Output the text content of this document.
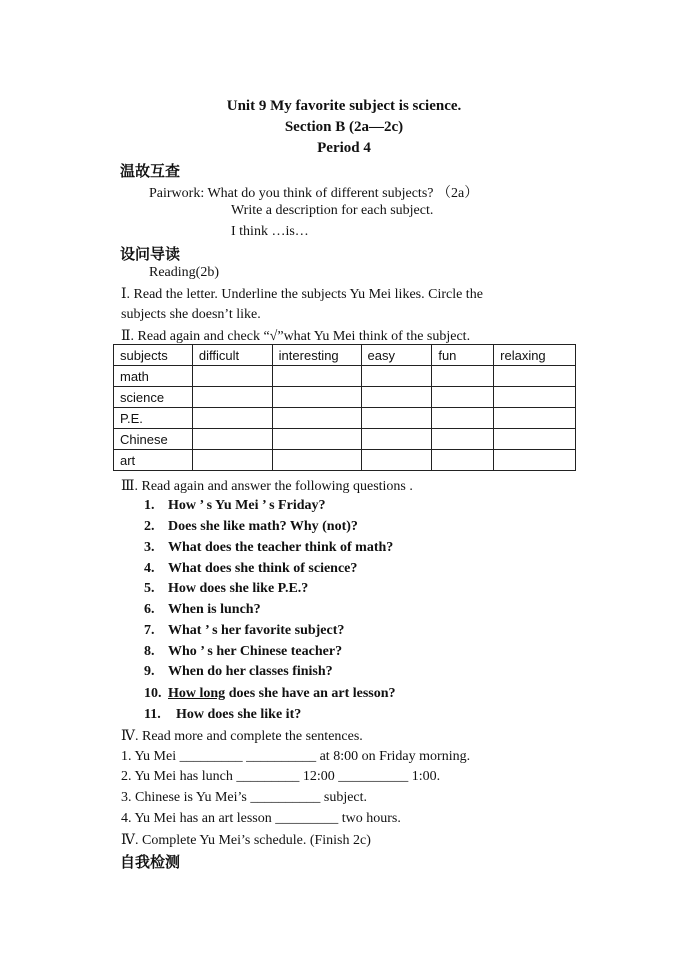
Unit 9 My favorite subject is science.
Section B (2a—2c)
Period 4
温故互查
Pairwork: What do you think of different subjects? （2a）
Write a description for each subject.
I think …is…
设问导读
Reading(2b)
Ⅰ. Read the letter. Underline the subjects Yu Mei likes. Circle the
subjects she doesn’t like.
Ⅱ. Read again and check “√”what Yu Mei think of the subject.
subjects	difficult	interesting	easy	fun	relaxing
math					
science					
P.E.					
Chinese					
art					
Ⅲ. Read again and answer the following questions .
1. How ’ s Yu Mei ’ s Friday?
2. Does she like math? Why (not)?
3. What does the teacher think of math?
4. What does she think of science?
5. How does she like P.E.?
6. When is lunch?
7. What ’ s her favorite subject?
8. Who ’ s her Chinese teacher?
9. When do her classes finish?
10. How long does she have an art lesson?
11. How does she like it?
Ⅳ. Read more and complete the sentences.
1. Yu Mei _________ __________ at 8:00 on Friday morning.
2. Yu Mei has lunch _________ 12:00 __________ 1:00.
3. Chinese is Yu Mei’s __________ subject.
4. Yu Mei has an art lesson _________ two hours.
Ⅳ. Complete Yu Mei’s schedule. (Finish 2c)
自我检测
